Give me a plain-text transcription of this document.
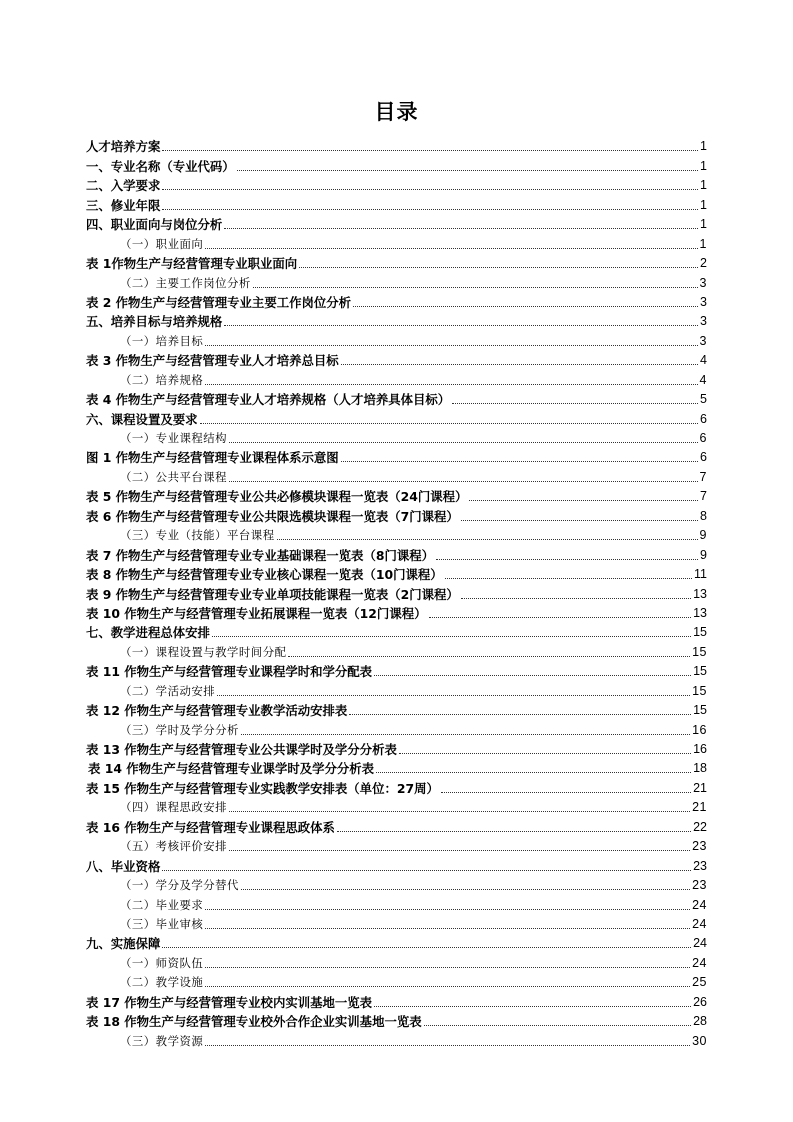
目录
人才培养方案	1
一、专业名称（专业代码）	1
二、入学要求	1
三、修业年限	1
四、职业面向与岗位分析	1
（一）职业面向	1
表 1作物生产与经营管理专业职业面向	2
（二）主要工作岗位分析	3
表 2 作物生产与经营管理专业主要工作岗位分析	3
五、培养目标与培养规格	3
（一）培养目标	3
表 3 作物生产与经营管理专业人才培养总目标	4
（二）培养规格	4
表 4 作物生产与经营管理专业人才培养规格（人才培养具体目标）	5
六、课程设置及要求	6
（一）专业课程结构	6
图 1 作物生产与经营管理专业课程体系示意图	6
（二）公共平台课程	7
表 5 作物生产与经营管理专业公共必修模块课程一览表（24门课程）	7
表 6 作物生产与经营管理专业公共限选模块课程一览表（7门课程）	8
（三）专业（技能）平台课程	9
表 7 作物生产与经营管理专业专业基础课程一览表（8门课程）	9
表 8 作物生产与经营管理专业专业核心课程一览表（10门课程）	11
表 9 作物生产与经营管理专业专业单项技能课程一览表（2门课程）	13
表 10 作物生产与经营管理专业拓展课程一览表（12门课程）	13
七、教学进程总体安排	15
（一）课程设置与教学时间分配	15
表 11 作物生产与经营管理专业课程学时和学分配表	15
（二）学活动安排	15
表 12 作物生产与经营管理专业教学活动安排表	15
（三）学时及学分分析	16
表 13 作物生产与经营管理专业公共课学时及学分分析表	16
表 14 作物生产与经营管理专业课学时及学分分析表	18
表 15 作物生产与经营管理专业实践教学安排表（单位：27周）	21
（四）课程思政安排	21
表 16 作物生产与经营管理专业课程思政体系	22
（五）考核评价安排	23
八、毕业资格	23
（一）学分及学分替代	23
（二）毕业要求	24
（三）毕业审核	24
九、实施保障	24
（一）师资队伍	24
（二）教学设施	25
表 17 作物生产与经营管理专业校内实训基地一览表	26
表 18 作物生产与经营管理专业校外合作企业实训基地一览表	28
（三）教学资源	30
